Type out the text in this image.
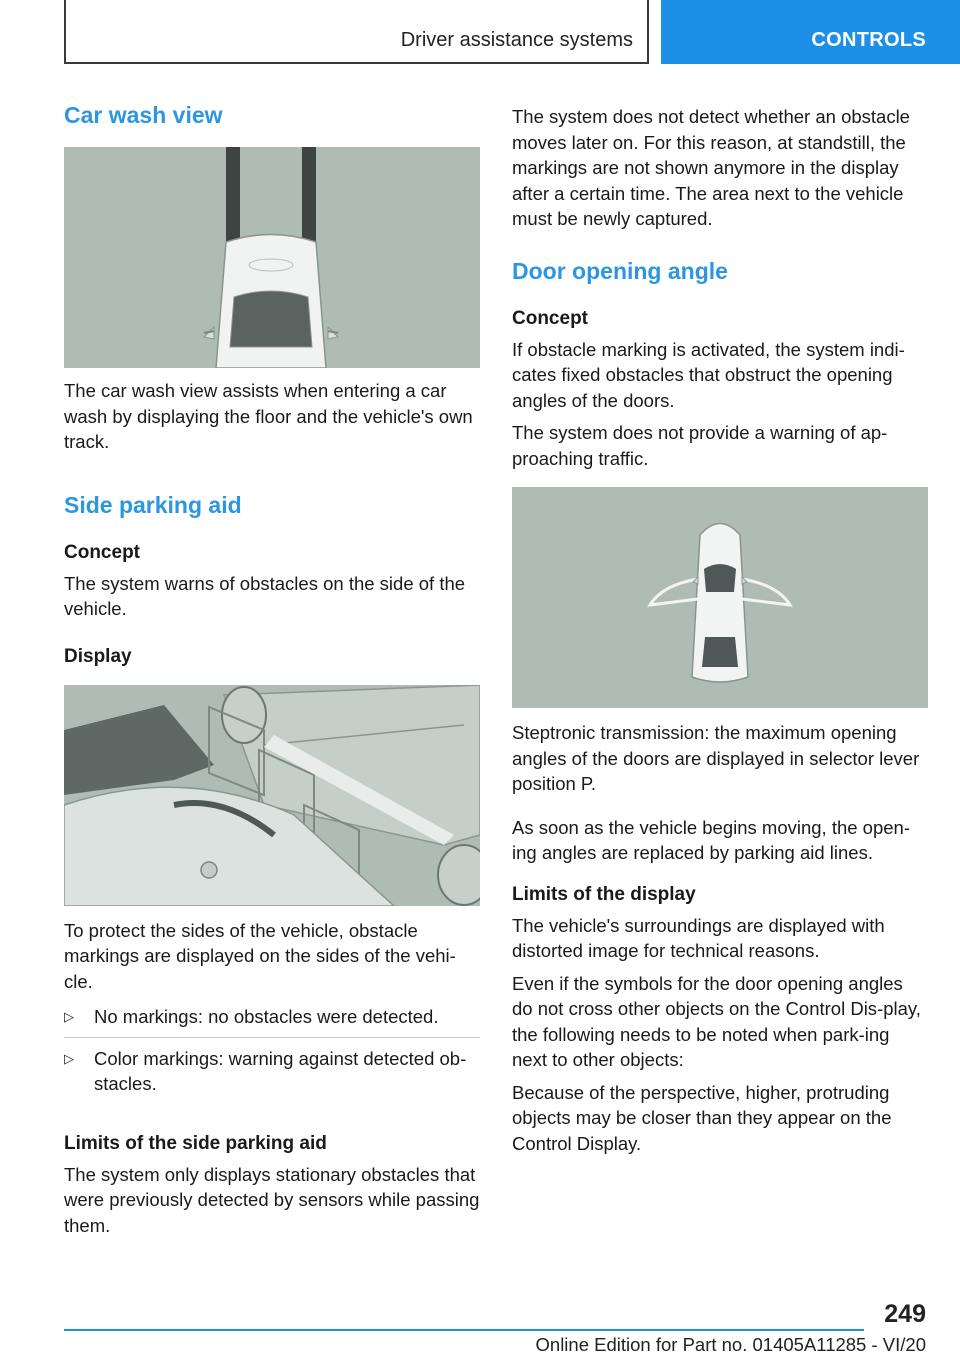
Driver assistance systems	CONTROLS
Car wash view

The car wash view assists when entering a car wash by displaying the floor and the vehicle's own track.

Side parking aid
Concept

The system warns of obstacles on the side of the vehicle.

Display

To protect the sides of the vehicle, obstacle markings are displayed on the sides of the vehi-cle.

▷ No markings: no obstacles were detected.
▷ Color markings: warning against detected ob-stacles.
Limits of the side parking aid

The system only displays stationary obstacles that were previously detected by sensors while passing them.

The system does not detect whether an obstacle moves later on. For this reason, at standstill, the markings are not shown anymore in the display after a certain time. The area next to the vehicle must be newly captured.

Door opening angle
Concept

If obstacle marking is activated, the system indi-cates fixed obstacles that obstruct the opening angles of the doors.

The system does not provide a warning of ap-proaching traffic.

Steptronic transmission: the maximum opening angles of the doors are displayed in selector lever position P.

As soon as the vehicle begins moving, the open-ing angles are replaced by parking aid lines.

Limits of the display

The vehicle's surroundings are displayed with distorted image for technical reasons.

Even if the symbols for the door opening angles do not cross other objects on the Control Dis-play, the following needs to be noted when park-ing next to other objects:

Because of the perspective, higher, protruding objects may be closer than they appear on the Control Display.

249
Online Edition for Part no. 01405A11285 - VI/20
